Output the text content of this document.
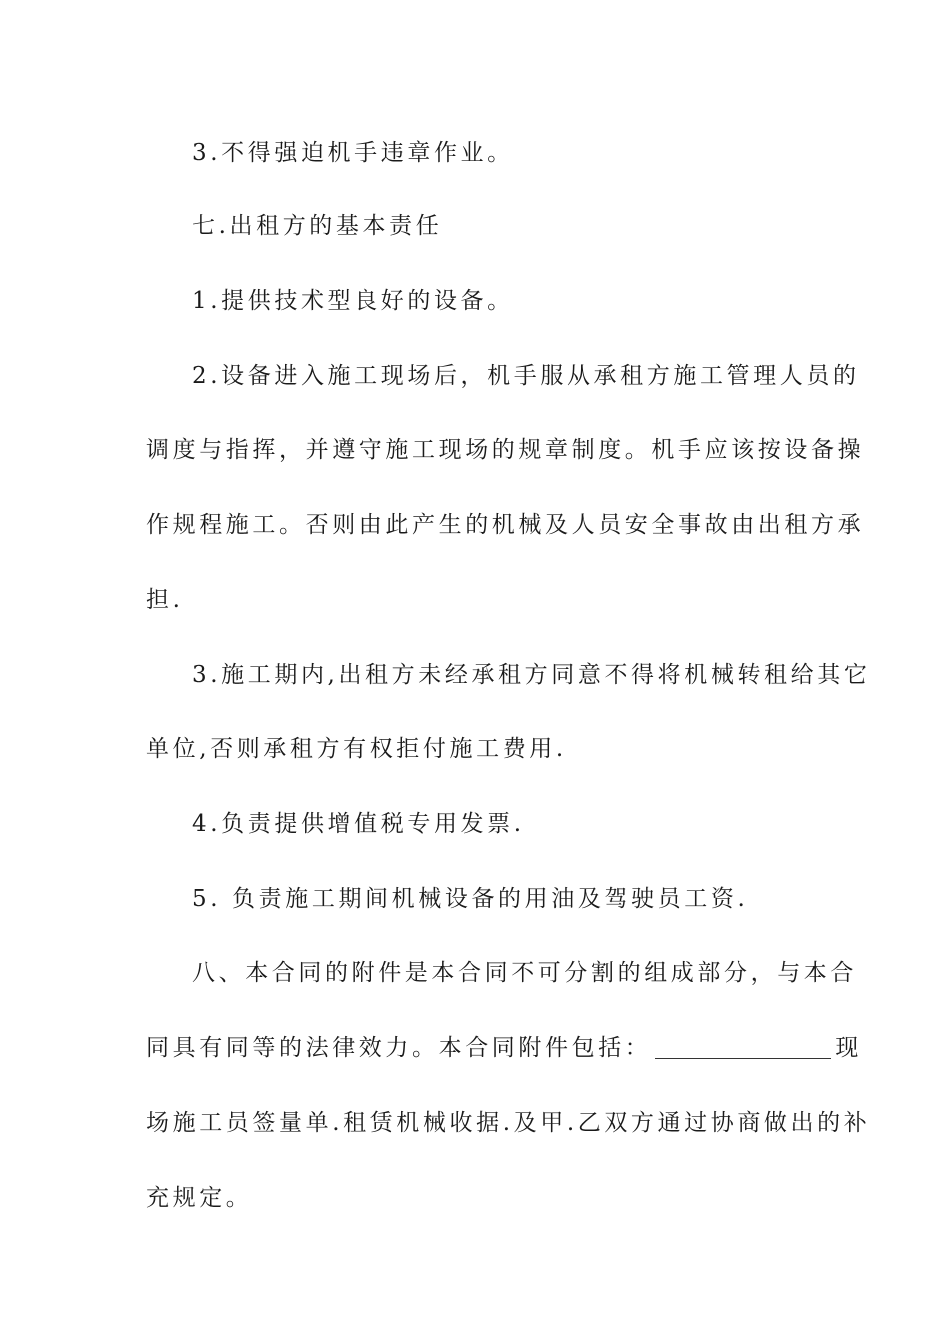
3.不得强迫机手违章作业。
七.出租方的基本责任
1.提供技术型良好的设备。
2.设备进入施工现场后，机手服从承租方施工管理人员的
调度与指挥，并遵守施工现场的规章制度。机手应该按设备操
作规程施工。否则由此产生的机械及人员安全事故由出租方承
担.
3.施工期内,出租方未经承租方同意不得将机械转租给其它
单位,否则承租方有权拒付施工费用.
4.负责提供增值税专用发票.
5. 负责施工期间机械设备的用油及驾驶员工资.
八、本合同的附件是本合同不可分割的组成部分，与本合
同具有同等的法律效力。本合同附件包括：	现
场施工员签量单.租赁机械收据.及甲.乙双方通过协商做出的补
充规定。
